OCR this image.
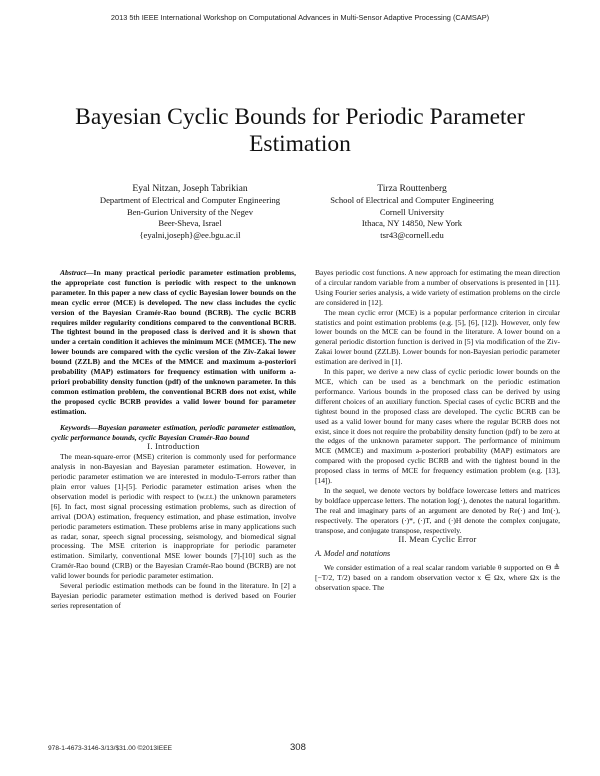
2013 5th IEEE International Workshop on Computational Advances in Multi-Sensor Adaptive Processing (CAMSAP)
Bayesian Cyclic Bounds for Periodic Parameter Estimation
Eyal Nitzan, Joseph Tabrikian
Department of Electrical and Computer Engineering
Ben-Gurion University of the Negev
Beer-Sheva, Israel
{eyalni,joseph}@ee.bgu.ac.il
Tirza Routtenberg
School of Electrical and Computer Engineering
Cornell University
Ithaca, NY 14850, New York
tsr43@cornell.edu

Abstract—In many practical periodic parameter estimation problems, the appropriate cost function is periodic with respect to the unknown parameter. In this paper a new class of cyclic Bayesian lower bounds on the mean cyclic error (MCE) is developed. The new class includes the cyclic version of the Bayesian Cramér-Rao bound (BCRB). The cyclic BCRB requires milder regularity conditions compared to the conventional BCRB. The tightest bound in the proposed class is derived and it is shown that under a certain condition it achieves the minimum MCE (MMCE). The new lower bounds are compared with the cyclic version of the Ziv-Zakai lower bound (ZZLB) and the MCEs of the MMCE and maximum a-posteriori probability (MAP) estimators for frequency estimation with uniform a-priori probability density function (pdf) of the unknown parameter. In this common estimation problem, the conventional BCRB does not exist, while the proposed cyclic BCRB provides a valid lower bound for parameter estimation.

Keywords—Bayesian parameter estimation, periodic parameter estimation, cyclic performance bounds, cyclic Bayesian Cramér-Rao bound

I. Introduction

The mean-square-error (MSE) criterion is commonly used for performance analysis in non-Bayesian and Bayesian parameter estimation. However, in periodic parameter estimation we are interested in modulo-T-errors rather than plain error values [1]-[5]. Periodic parameter estimation arises when the observation model is periodic with respect to (w.r.t.) the unknown parameters [6]. In fact, most signal processing estimation problems, such as direction of arrival (DOA) estimation, frequency estimation, and phase estimation, involve periodic parameters estimation. These problems arise in many applications such as radar, sonar, speech signal processing, seismology, and biomedical signal processing. The MSE criterion is inappropriate for periodic parameter estimation. Similarly, conventional MSE lower bounds [7]-[10] such as the Cramér-Rao bound (CRB) or the Bayesian Cramér-Rao bound (BCRB) are not valid lower bounds for periodic parameter estimation.

Several periodic estimation methods can be found in the literature. In [2] a Bayesian periodic parameter estimation method is derived based on Fourier series representation of

Bayes periodic cost functions. A new approach for estimating the mean direction of a circular random variable from a number of observations is presented in [11]. Using Fourier series analysis, a wide variety of estimation problems on the circle are considered in [12].

The mean cyclic error (MCE) is a popular performance criterion in circular statistics and point estimation problems (e.g. [5], [6], [12]). However, only few lower bounds on the MCE can be found in the literature. A lower bound on a general periodic distortion function is derived in [5] via modification of the Ziv-Zakai lower bound (ZZLB). Lower bounds for non-Bayesian periodic parameter estimation are derived in [1].

In this paper, we derive a new class of cyclic periodic lower bounds on the MCE, which can be used as a benchmark on the periodic estimation performance. Various bounds in the proposed class can be derived by using different choices of an auxiliary function. Special cases of cyclic BCRB and the tightest bound in the proposed class are developed. The cyclic BCRB can be used as a valid lower bound for many cases where the regular BCRB does not exist, since it does not require the probability density function (pdf) to be zero at the edges of the unknown parameter support. The performance of minimum MCE (MMCE) and maximum a-posteriori probability (MAP) estimators are compared with the proposed cyclic BCRB and with the tightest bound in the proposed class in terms of MCE for frequency estimation problem (e.g. [13], [14]).

In the sequel, we denote vectors by boldface lowercase letters and matrices by boldface uppercase letters. The notation log(·), denotes the natural logarithm. The real and imaginary parts of an argument are denoted by Re(·) and Im(·), respectively. The operators (·)*, (·)T, and (·)H denote the complex conjugate, transpose, and conjugate transpose, respectively.

II. Mean Cyclic Error

A. Model and notations

We consider estimation of a real scalar random variable θ supported on Θ ≜ [−T/2, T/2) based on a random observation vector x ∈ Ωx, where Ωx is the observation space. The

978-1-4673-3146-3/13/$31.00 ©2013IEEE	308
